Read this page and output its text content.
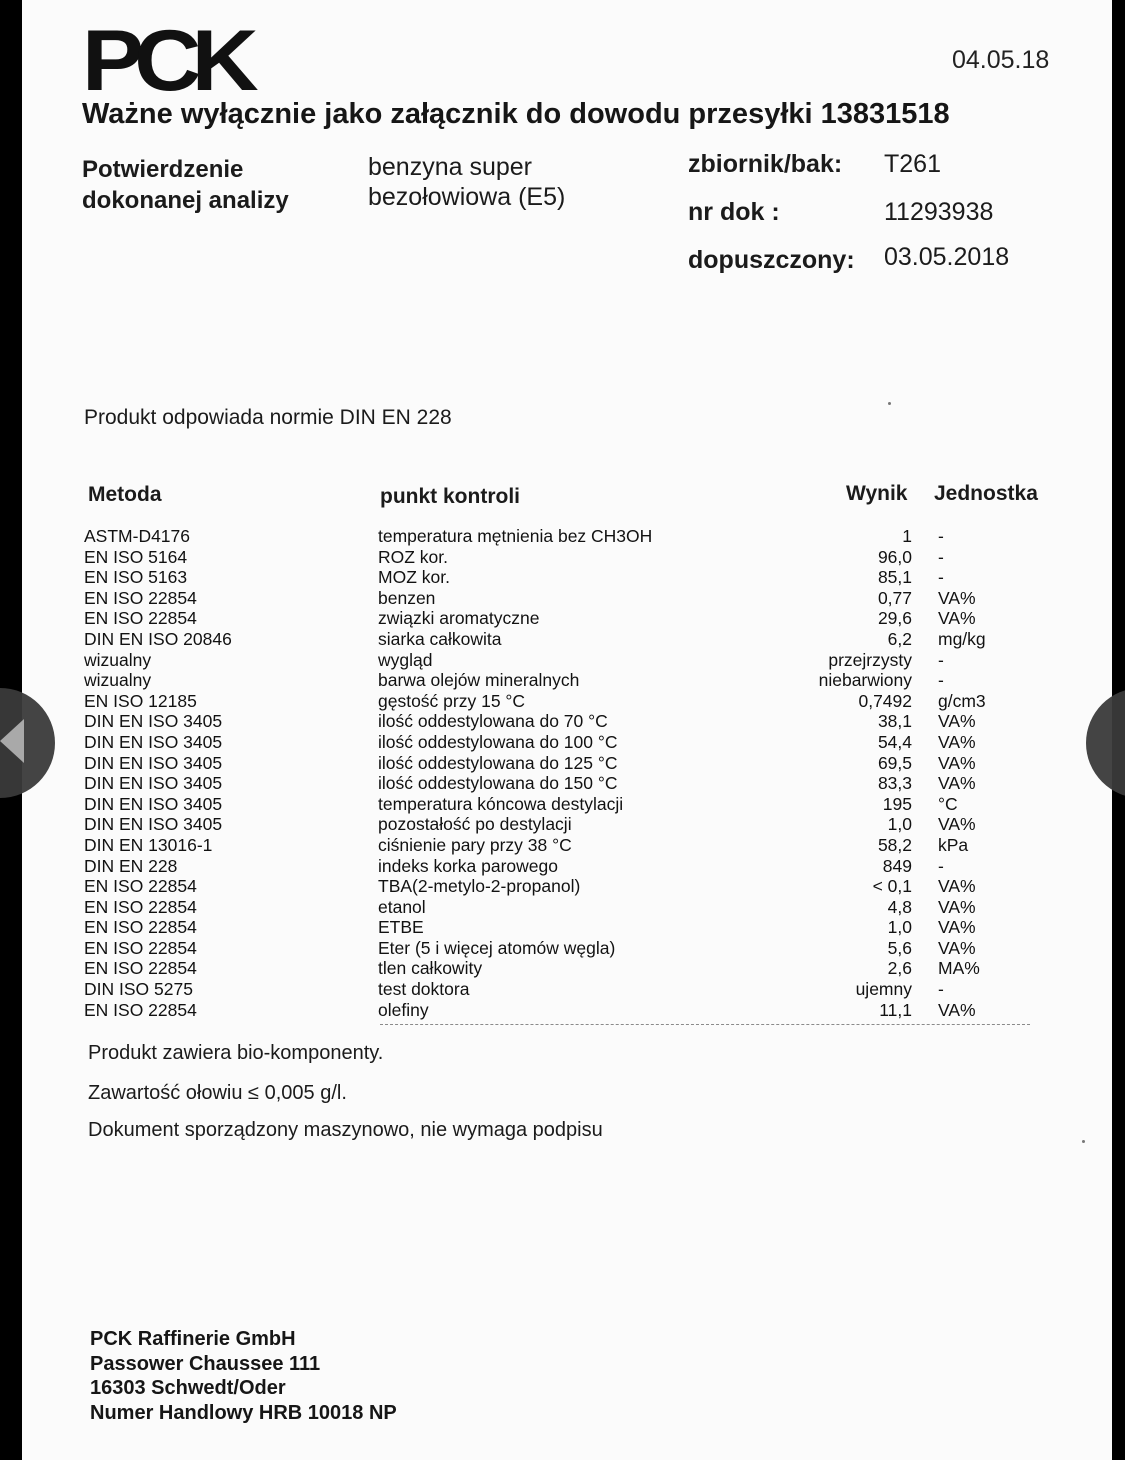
PCK	04.05.18
Ważne wyłącznie jako załącznik do dowodu przesyłki 13831518
Potwierdzenie
dokonanej analizy
benzyna super
bezołowiowa (E5)
zbiornik/bak: T261
nr dok :	11293938
dopuszczony: 03.05.2018
Produkt odpowiada normie DIN EN 228
Metoda	punkt kontroli	Wynik Jednostka
ASTM-D4176	temperatura mętnienia bez CH3OH	1 -
EN ISO 5164	ROZ kor.	96,0 -
EN ISO 5163	MOZ kor.	85,1 -
EN ISO 22854	benzen	0,77 VA%
EN ISO 22854	związki aromatyczne	29,6 VA%
DIN EN ISO 20846	siarka całkowita	6,2 mg/kg
wizualny	wygląd	przejrzysty -
wizualny	barwa olejów mineralnych	niebarwiony -
EN ISO 12185	gęstość przy 15 °C	0,7492 g/cm3
DIN EN ISO 3405	ilość oddestylowana do 70 °C	38,1 VA%
DIN EN ISO 3405	ilość oddestylowana do 100 °C	54,4 VA%
DIN EN ISO 3405	ilość oddestylowana do 125 °C	69,5 VA%
DIN EN ISO 3405	ilość oddestylowana do 150 °C	83,3 VA%
DIN EN ISO 3405	temperatura kóncowa destylacji	195 °C
DIN EN ISO 3405	pozostałość po destylacji	1,0 VA%
DIN EN 13016-1	ciśnienie pary przy 38 °C	58,2 kPa
DIN EN 228	indeks korka parowego	849 -
EN ISO 22854	TBA(2-metylo-2-propanol)	< 0,1 VA%
EN ISO 22854	etanol	4,8 VA%
EN ISO 22854	ETBE	1,0 VA%
EN ISO 22854	Eter (5 i więcej atomów węgla)	5,6 VA%
EN ISO 22854	tlen całkowity	2,6 MA%
DIN ISO 5275	test doktora	ujemny -
EN ISO 22854	olefiny	11,1 VA%
Produkt zawiera bio-komponenty.
Zawartość ołowiu ≤ 0,005 g/l.
Dokument sporządzony maszynowo, nie wymaga podpisu
PCK Raffinerie GmbH
Passower Chaussee 111
16303 Schwedt/Oder
Numer Handlowy HRB 10018 NP
